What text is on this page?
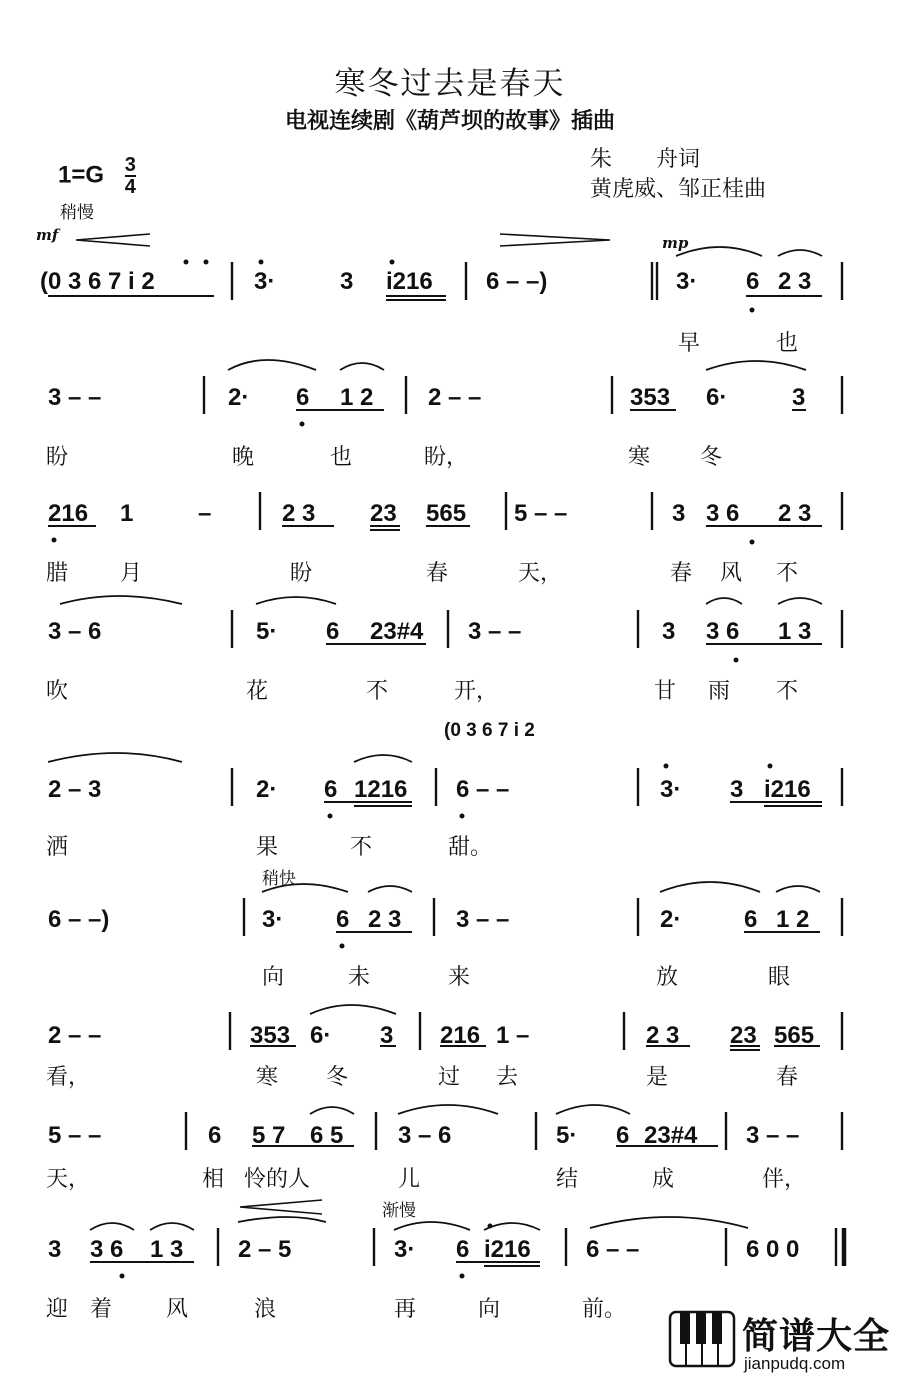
寒冬过去是春天
电视连续剧《葫芦坝的故事》插曲
$1=G \frac{3}{4}$	朱　　舟词
黄虎威、邹正桂曲
稍慢
mf	mp
稍快
渐慢
(0 3 6 7 i 2	3·	3 i216 6 – –)	3· 6 2 3
早	也
3 – –	2· 6 1 2 2 – –	353 6·	3
盼	晚	也	盼，	寒 冬
216 1	–	2 3 23 565 5 – –	3 3 6 2 3
腊 月	盼	春	天，	春 风 不
3 – 6	5· 6 23#4 3 – –	3 3 6 1 3
吹	花	不	开，	甘 雨 不
(0 3 6 7 i 2
2 – 3	2· 6 1216 6 – –	3· 3 i216
洒	果	不	甜。
6 – –)	3· 6 2 3 3 – –	2·	6 1 2
向	未	来	放	眼
2 – –	353 6· 3 216 1 –	2 3 23 565
看，	寒 冬	过 去	是	春
5 – –	6 5 7 6 5 3 – 6	5· 6 23#4 3 – –
天，	相 怜的人	儿	结	成	伴，
3 3 6 1 3 2 – 5	3· 6 i216 6 – –	6 0 0
迎 着 风	浪	再	向	前。
简谱大全
jianpudq.com
